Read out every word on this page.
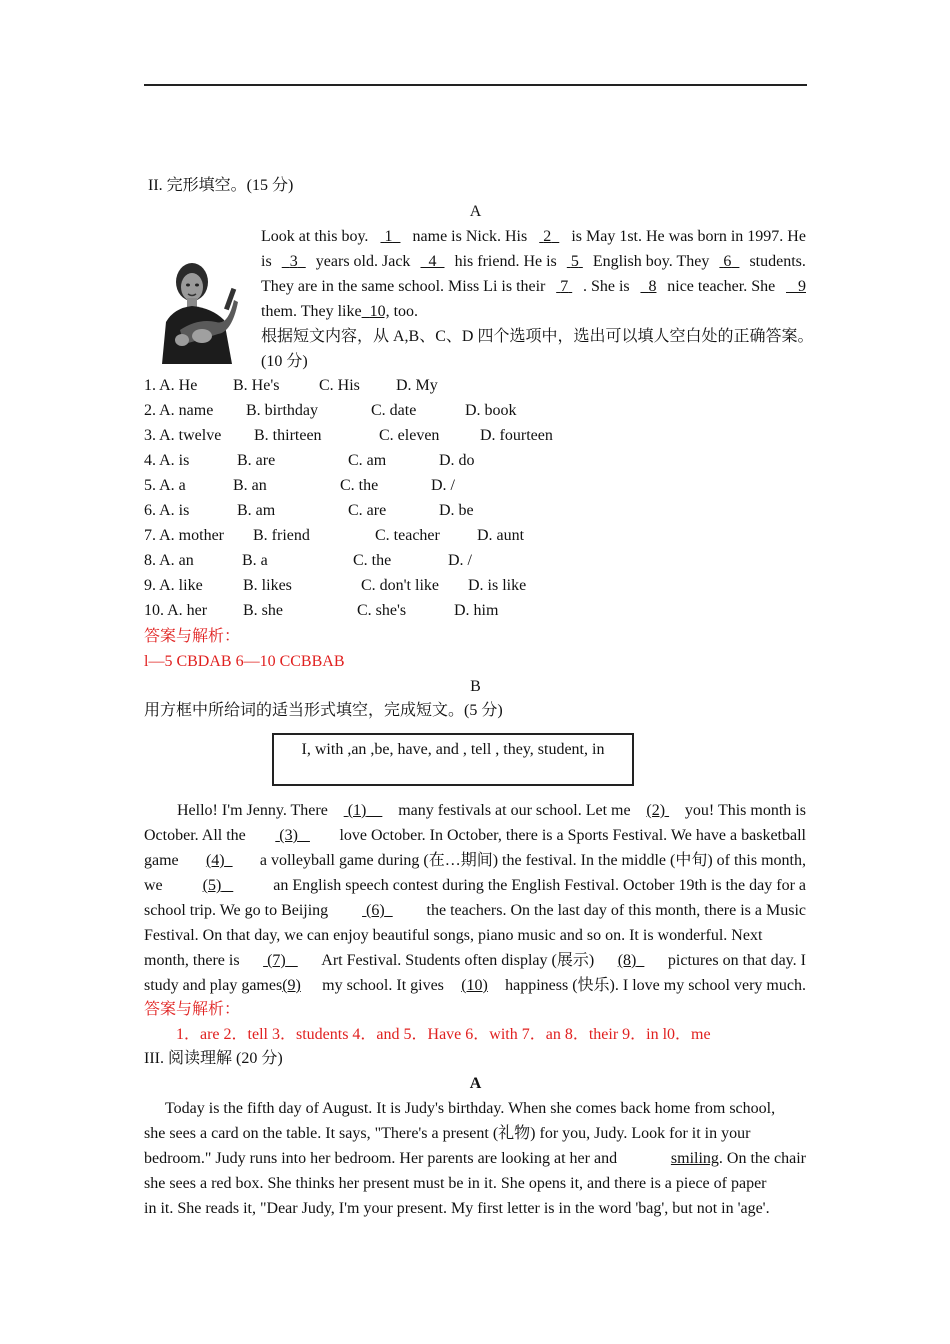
II. 完形填空。(15 分)
A
Look at this boy. 1	name is Nick. His 2	is May 1st. He was born in 1997. He
is	3	years old. Jack	4	his friend. He is 5 English boy. They 6	students.
They are in the same school. Miss Li is their 7 . She is	8 nice teacher. She	9
them. They like 10, too.
根据短文内容，从 A,B、C、D 四个选项中，选出可以填人空白处的正确答案。
(10 分)
1. A. He B. He's C. His D. My
2. A. name B. birthday	C. date	D. book
3. A. twelve B. thirteen	C. eleven	D. fourteen
4. A. is	B. are	C. am	D. do
5. A. a	B. an	C. the	D. /
6. A. is	B. am	C. are	D. be
7. A. mother B. friend	C. teacher D. aunt
8. A. an	B. a	C. the	D. /
9. A. like	B. likes	C. don't like D. is like
10. A. her B. she	C. she's	D. him
答案与解析：
l—5 CBDAB 6—10 CCBBAB
B
用方框中所给词的适当形式填空，完成短文。(5 分)
I, with ,an ,be, have, and , tell , they, student, in
Hello! I'm Jenny. There (1)	many festivals at our school. Let me (2) you! This month is
October. All the (3)	love October. In October, there is a Sports Festival. We have a basketball
game (4)	a volleyball game during (在…期间) the festival. In the middle (中旬) of this month,
we (5)	an English speech contest during the English Festival. October 19th is the day for a
school trip. We go to Beijing (6)	the teachers. On the last day of this month, there is a Music
Festival. On that day, we can enjoy beautiful songs, piano music and so on. It is wonderful. Next
month, there is (7)	Art Festival. Students often display (展示) (8)	pictures on that day. I
study and play games(9) my school. It gives (10) happiness (快乐). I love my school very much.
答案与解析：
1．are 2．tell 3．students 4．and 5．Have 6．with 7．an 8．their 9．in l0．me
III. 阅读理解 (20 分)
A
Today is the fifth day of August. It is Judy's birthday. When she comes back home from school,
she sees a card on the table. It says, "There's a present (礼物) for you, Judy. Look for it in your
bedroom." Judy runs into her bedroom. Her parents are looking at her and	smiling. On the chair
she sees a red box. She thinks her present must be in it. She opens it, and there is a piece of paper
in it. She reads it, "Dear Judy, I'm your present. My first letter is in the word 'bag', but not in 'age'.
